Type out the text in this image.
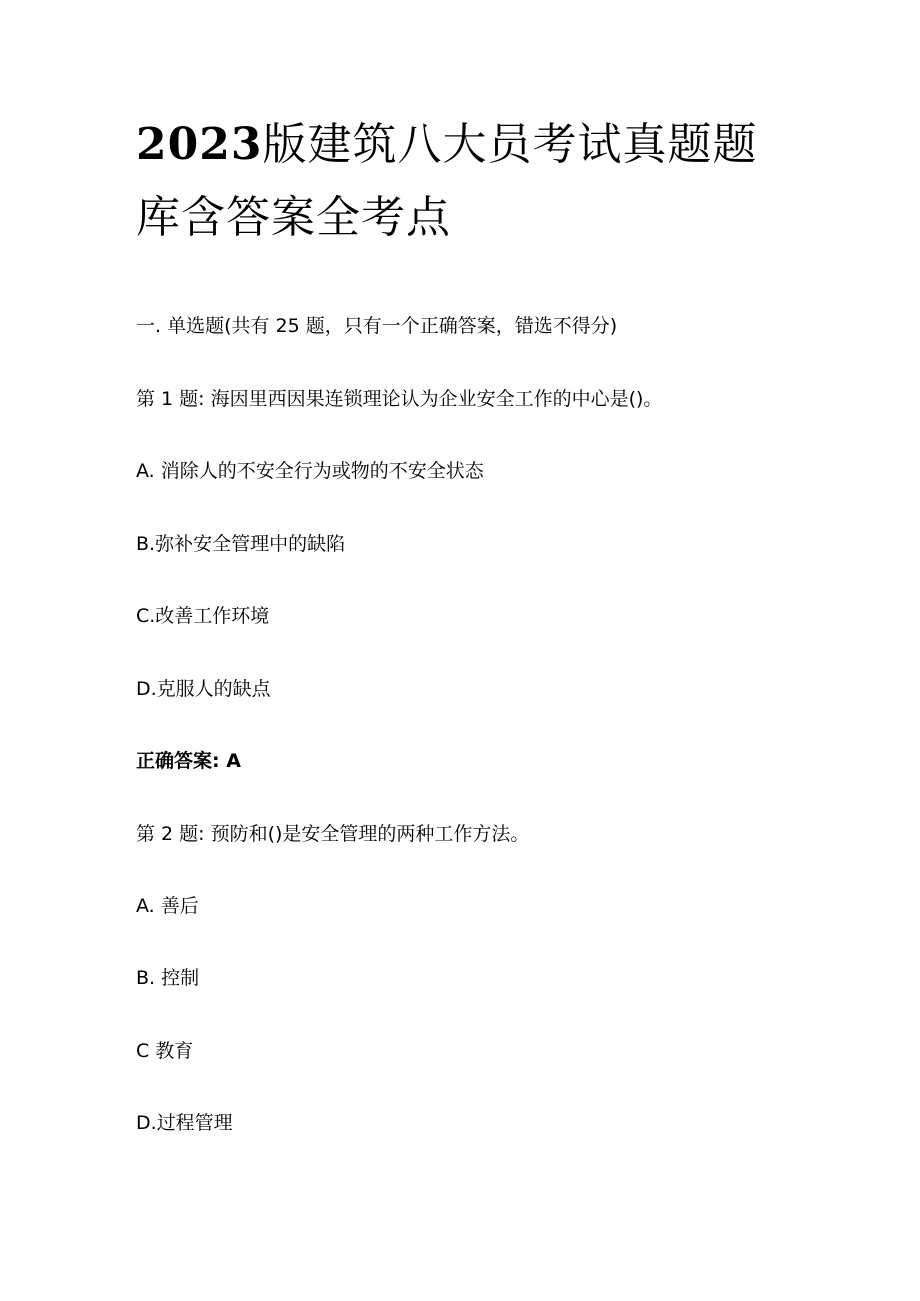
2023版建筑八大员考试真题题库含答案全考点

一. 单选题(共有 25 题，只有一个正确答案，错选不得分)

第 1 题: 海因里西因果连锁理论认为企业安全工作的中心是()。

A. 消除人的不安全行为或物的不安全状态

B.弥补安全管理中的缺陷

C.改善工作环境

D.克服人的缺点

正确答案: A

第 2 题: 预防和()是安全管理的两种工作方法。

A. 善后

B. 控制

C 教育

D.过程管理
